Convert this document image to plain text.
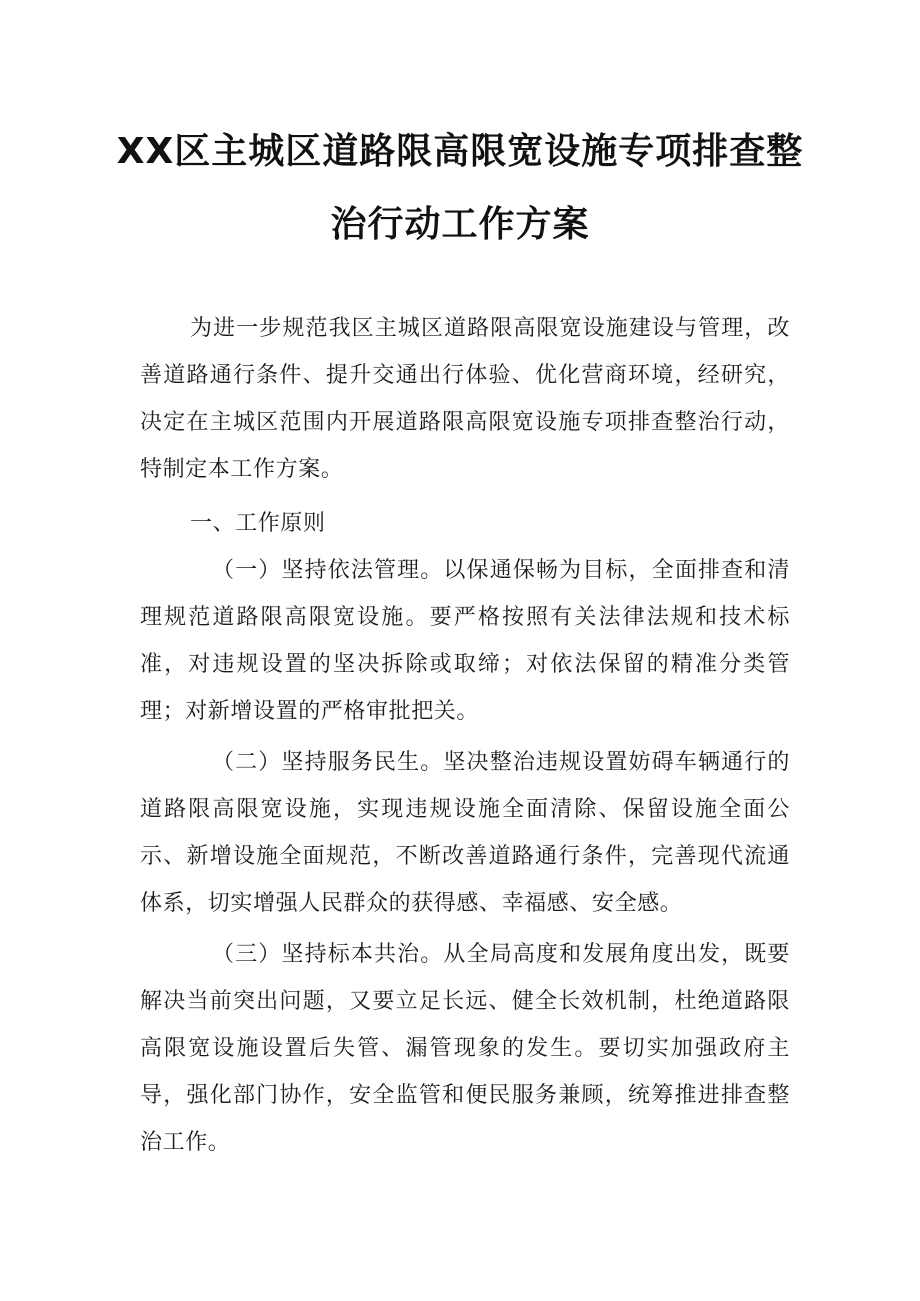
XX区主城区道路限高限宽设施专项排查整
治行动工作方案

为进一步规范我区主城区道路限高限宽设施建设与管理，改善道路通行条件、提升交通出行体验、优化营商环境，经研究，决定在主城区范围内开展道路限高限宽设施专项排查整治行动，特制定本工作方案。

一、工作原则

（一）坚持依法管理。以保通保畅为目标，全面排查和清理规范道路限高限宽设施。要严格按照有关法律法规和技术标准，对违规设置的坚决拆除或取缔；对依法保留的精准分类管理；对新增设置的严格审批把关。

（二）坚持服务民生。坚决整治违规设置妨碍车辆通行的道路限高限宽设施，实现违规设施全面清除、保留设施全面公示、新增设施全面规范，不断改善道路通行条件，完善现代流通体系，切实增强人民群众的获得感、幸福感、安全感。

（三）坚持标本共治。从全局高度和发展角度出发，既要解决当前突出问题，又要立足长远、健全长效机制，杜绝道路限高限宽设施设置后失管、漏管现象的发生。要切实加强政府主导，强化部门协作，安全监管和便民服务兼顾，统筹推进排查整治工作。
